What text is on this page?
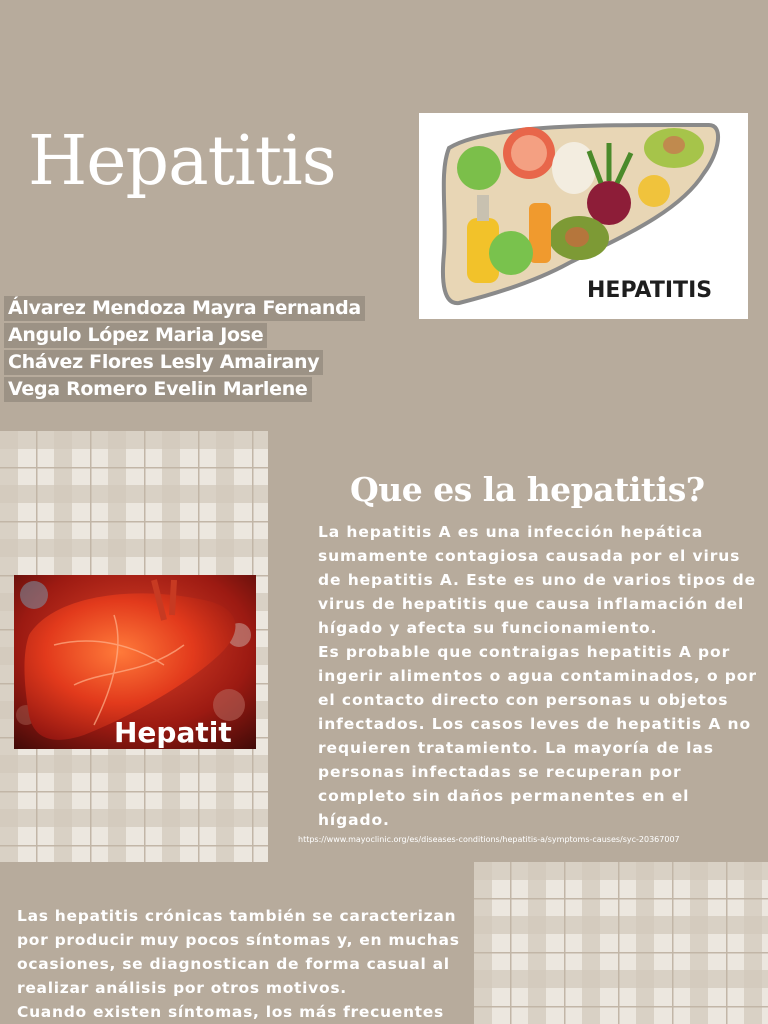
Hepatitis
HEPATITIS
Álvarez Mendoza Mayra Fernanda
Angulo López Maria Jose
Chávez Flores Lesly Amairany
Vega Romero Evelin Marlene
Hepatit
Que es la hepatitis?

La hepatitis A es una infección hepática sumamente contagiosa causada por el virus de hepatitis A. Este es uno de varios tipos de virus de hepatitis que causa inflamación del hígado y afecta su funcionamiento.

Es probable que contraigas hepatitis A por ingerir alimentos o agua contaminados, o por el contacto directo con personas u objetos infectados. Los casos leves de hepatitis A no requieren tratamiento. La mayoría de las personas infectadas se recuperan por completo sin daños permanentes en el hígado.

https://www.mayoclinic.org/es/diseases-conditions/hepatitis-a/symptoms-causes/syc-20367007

Las hepatitis crónicas también se caracterizan por producir muy pocos síntomas y, en muchas ocasiones, se diagnostican de forma casual al realizar análisis por otros motivos.

Cuando existen síntomas, los más frecuentes
